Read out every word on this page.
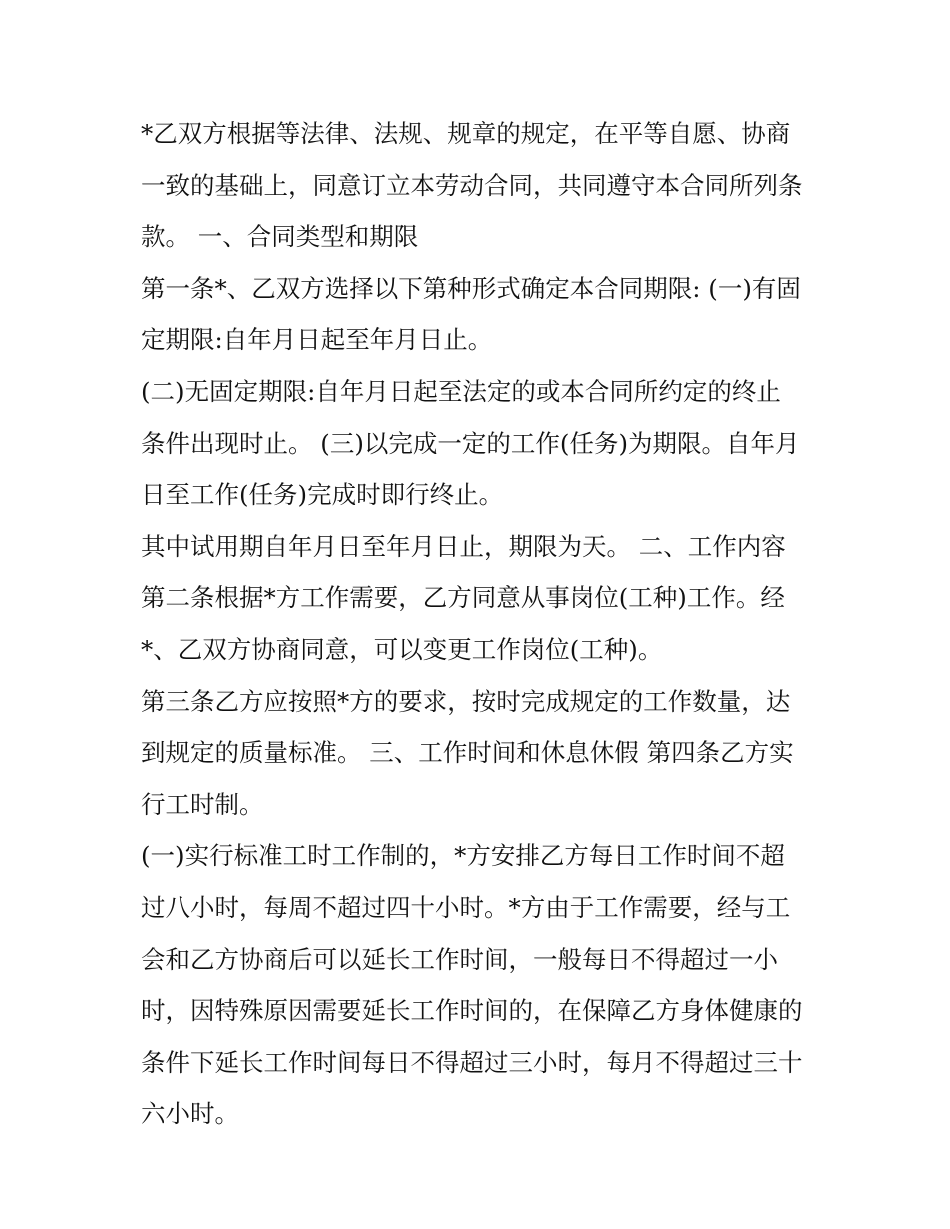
*乙双方根据等法律、法规、规章的规定，在平等自愿、协商
一致的基础上，同意订立本劳动合同，共同遵守本合同所列条
款。 一、合同类型和期限
第一条*、乙双方选择以下第种形式确定本合同期限: (一)有固
定期限:自年月日起至年月日止。
(二)无固定期限:自年月日起至法定的或本合同所约定的终止
条件出现时止。 (三)以完成一定的工作(任务)为期限。自年月
日至工作(任务)完成时即行终止。
其中试用期自年月日至年月日止，期限为天。 二、工作内容
第二条根据*方工作需要，乙方同意从事岗位(工种)工作。经
*、乙双方协商同意，可以变更工作岗位(工种)。
第三条乙方应按照*方的要求，按时完成规定的工作数量，达
到规定的质量标准。 三、工作时间和休息休假 第四条乙方实
行工时制。
(一)实行标准工时工作制的，*方安排乙方每日工作时间不超
过八小时，每周不超过四十小时。*方由于工作需要，经与工
会和乙方协商后可以延长工作时间，一般每日不得超过一小
时，因特殊原因需要延长工作时间的，在保障乙方身体健康的
条件下延长工作时间每日不得超过三小时，每月不得超过三十
六小时。
